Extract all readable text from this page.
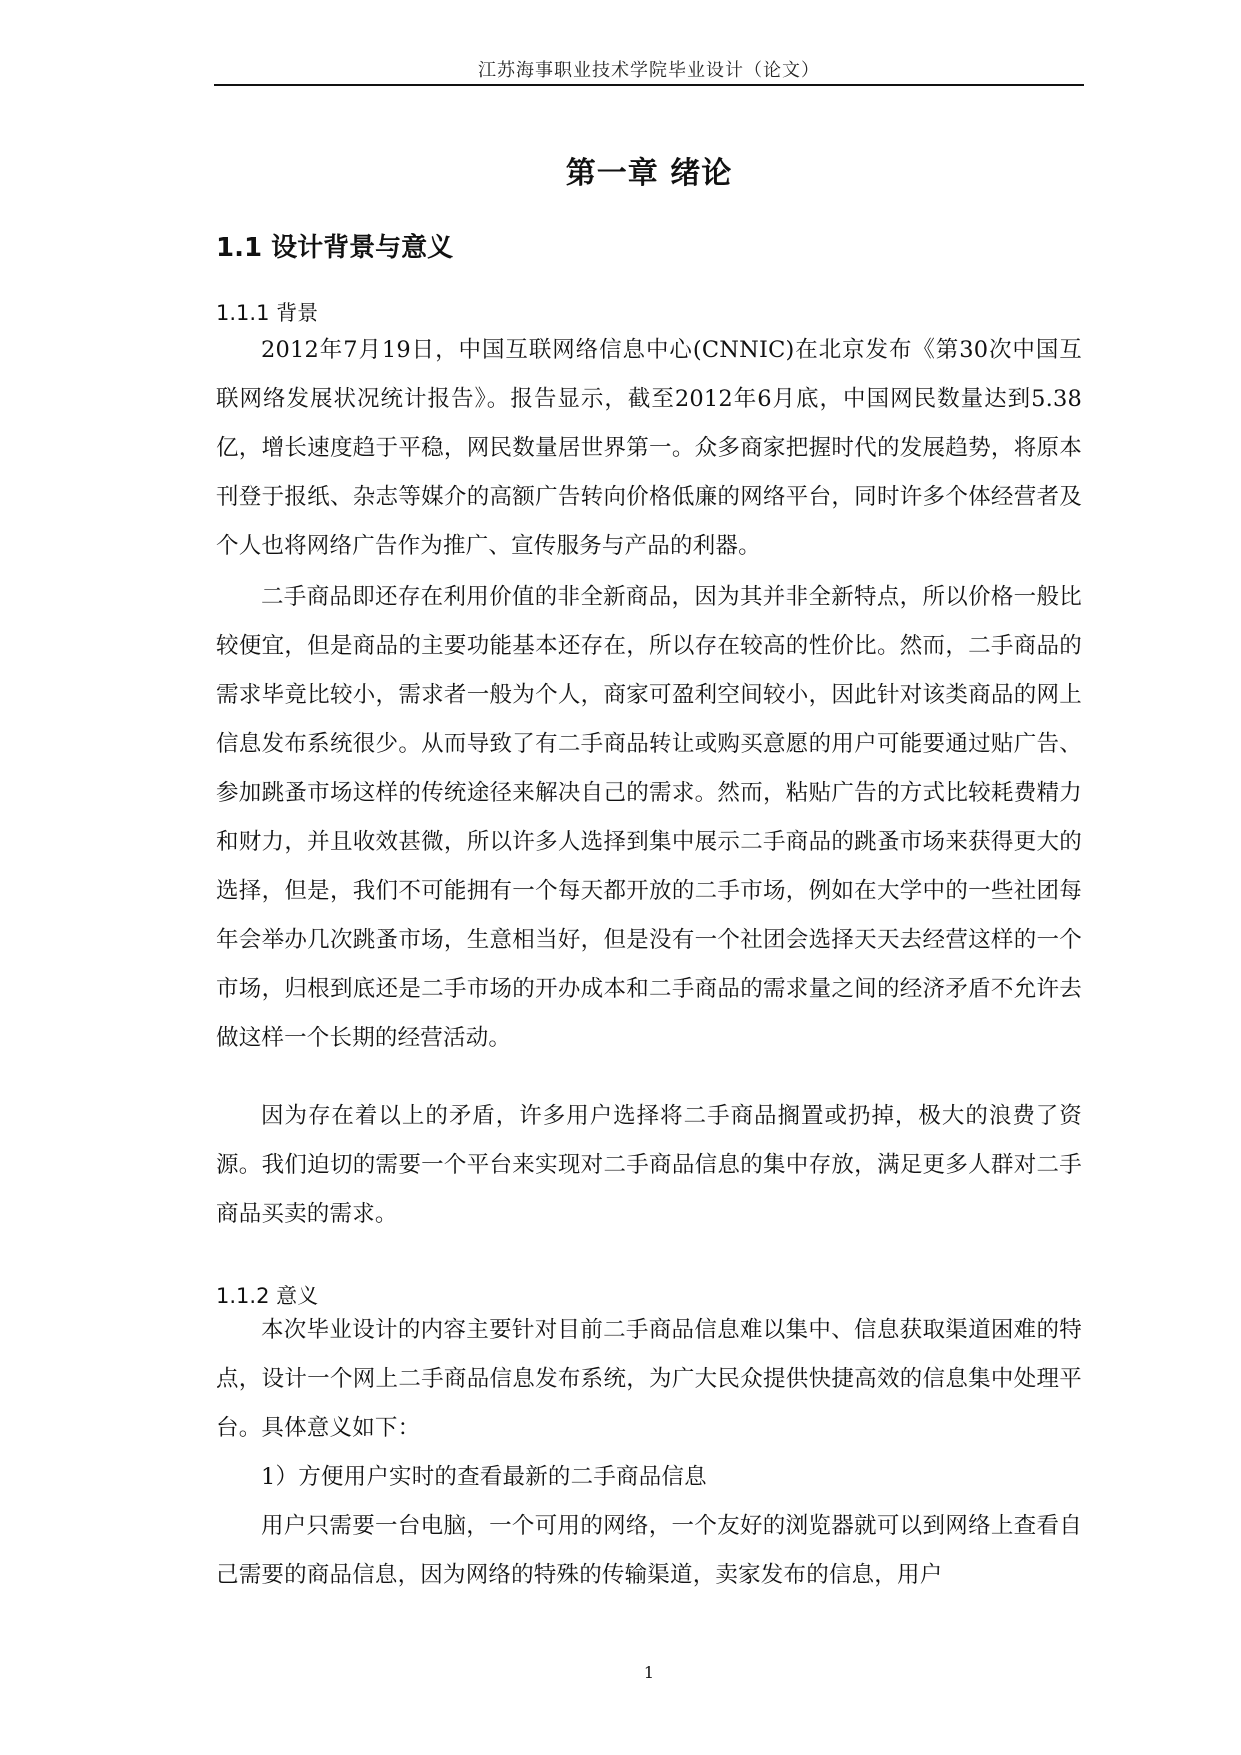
江苏海事职业技术学院毕业设计（论文）
第一章 绪论
1.1 设计背景与意义
1.1.1 背景

2012年7月19日，中国互联网络信息中心(CNNIC)在北京发布《第30次中国互联网络发展状况统计报告》。报告显示，截至2012年6月底，中国网民数量达到5.38亿，增长速度趋于平稳，网民数量居世界第一。众多商家把握时代的发展趋势，将原本刊登于报纸、杂志等媒介的高额广告转向价格低廉的网络平台，同时许多个体经营者及个人也将网络广告作为推广、宣传服务与产品的利器。

二手商品即还存在利用价值的非全新商品，因为其并非全新特点，所以价格一般比较便宜，但是商品的主要功能基本还存在，所以存在较高的性价比。然而，二手商品的需求毕竟比较小，需求者一般为个人，商家可盈利空间较小，因此针对该类商品的网上信息发布系统很少。从而导致了有二手商品转让或购买意愿的用户可能要通过贴广告、参加跳蚤市场这样的传统途径来解决自己的需求。然而，粘贴广告的方式比较耗费精力和财力，并且收效甚微，所以许多人选择到集中展示二手商品的跳蚤市场来获得更大的选择，但是，我们不可能拥有一个每天都开放的二手市场，例如在大学中的一些社团每年会举办几次跳蚤市场，生意相当好，但是没有一个社团会选择天天去经营这样的一个市场，归根到底还是二手市场的开办成本和二手商品的需求量之间的经济矛盾不允许去做这样一个长期的经营活动。

因为存在着以上的矛盾，许多用户选择将二手商品搁置或扔掉，极大的浪费了资源。我们迫切的需要一个平台来实现对二手商品信息的集中存放，满足更多人群对二手商品买卖的需求。

1.1.2 意义

本次毕业设计的内容主要针对目前二手商品信息难以集中、信息获取渠道困难的特点，设计一个网上二手商品信息发布系统，为广大民众提供快捷高效的信息集中处理平台。具体意义如下：

1）方便用户实时的查看最新的二手商品信息

用户只需要一台电脑，一个可用的网络，一个友好的浏览器就可以到网络上查看自己需要的商品信息，因为网络的特殊的传输渠道，卖家发布的信息，用户

1
